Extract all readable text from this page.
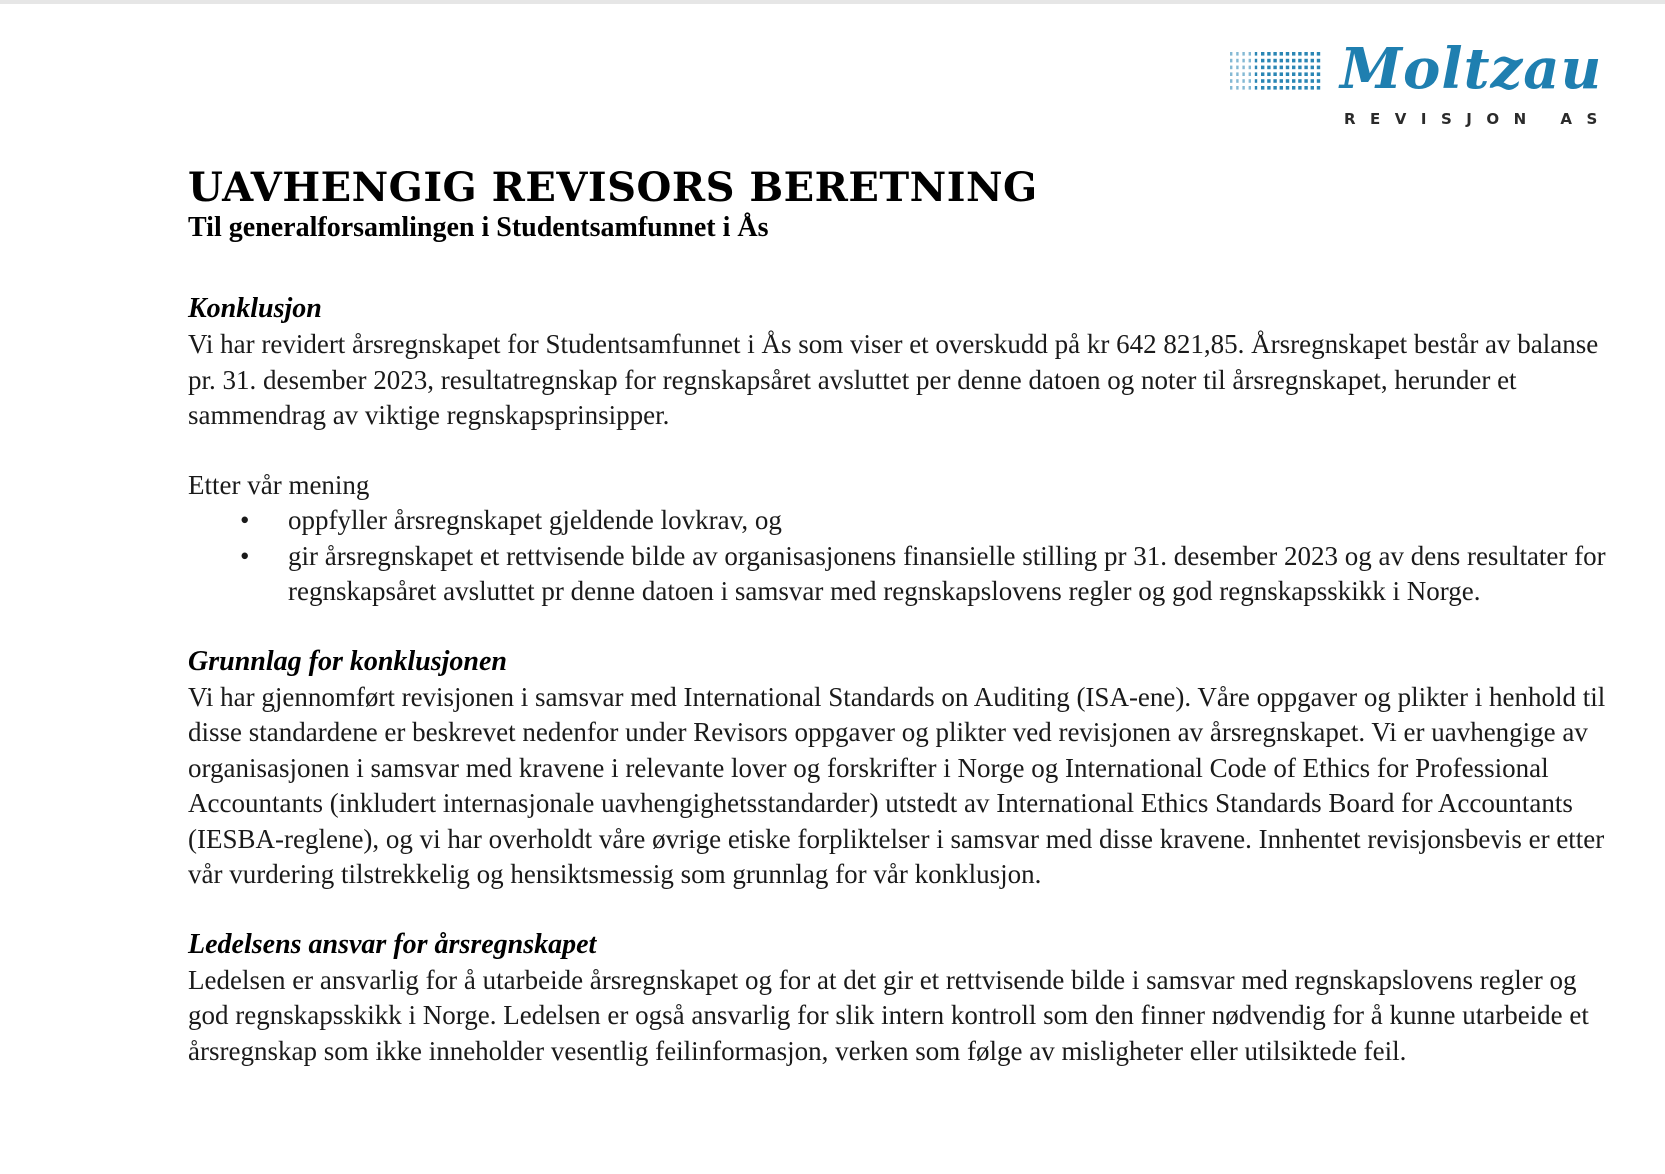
Moltzau
REVISJON AS
UAVHENGIG REVISORS BERETNING
Til generalforsamlingen i Studentsamfunnet i Ås
Konklusjon

Vi har revidert årsregnskapet for Studentsamfunnet i Ås som viser et overskudd på kr 642 821,85. Årsregnskapet består av balanse pr. 31. desember 2023, resultatregnskap for regnskapsåret avsluttet per denne datoen og noter til årsregnskapet, herunder et sammendrag av viktige regnskapsprinsipper.

Etter vår mening

• oppfyller årsregnskapet gjeldende lovkrav, og
• gir årsregnskapet et rettvisende bilde av organisasjonens finansielle stilling pr 31. desember 2023 og av dens resultater for regnskapsåret avsluttet pr denne datoen i samsvar med regnskapslovens regler og god regnskapsskikk i Norge.
Grunnlag for konklusjonen

Vi har gjennomført revisjonen i samsvar med International Standards on Auditing (ISA-ene). Våre oppgaver og plikter i henhold til disse standardene er beskrevet nedenfor under Revisors oppgaver og plikter ved revisjonen av årsregnskapet. Vi er uavhengige av organisasjonen i samsvar med kravene i relevante lover og forskrifter i Norge og International Code of Ethics for Professional Accountants (inkludert internasjonale uavhengighetsstandarder) utstedt av International Ethics Standards Board for Accountants (IESBA-reglene), og vi har overholdt våre øvrige etiske forpliktelser i samsvar med disse kravene. Innhentet revisjonsbevis er etter vår vurdering tilstrekkelig og hensiktsmessig som grunnlag for vår konklusjon.

Ledelsens ansvar for årsregnskapet

Ledelsen er ansvarlig for å utarbeide årsregnskapet og for at det gir et rettvisende bilde i samsvar med regnskapslovens regler og god regnskapsskikk i Norge. Ledelsen er også ansvarlig for slik intern kontroll som den finner nødvendig for å kunne utarbeide et årsregnskap som ikke inneholder vesentlig feilinformasjon, verken som følge av misligheter eller utilsiktede feil.
